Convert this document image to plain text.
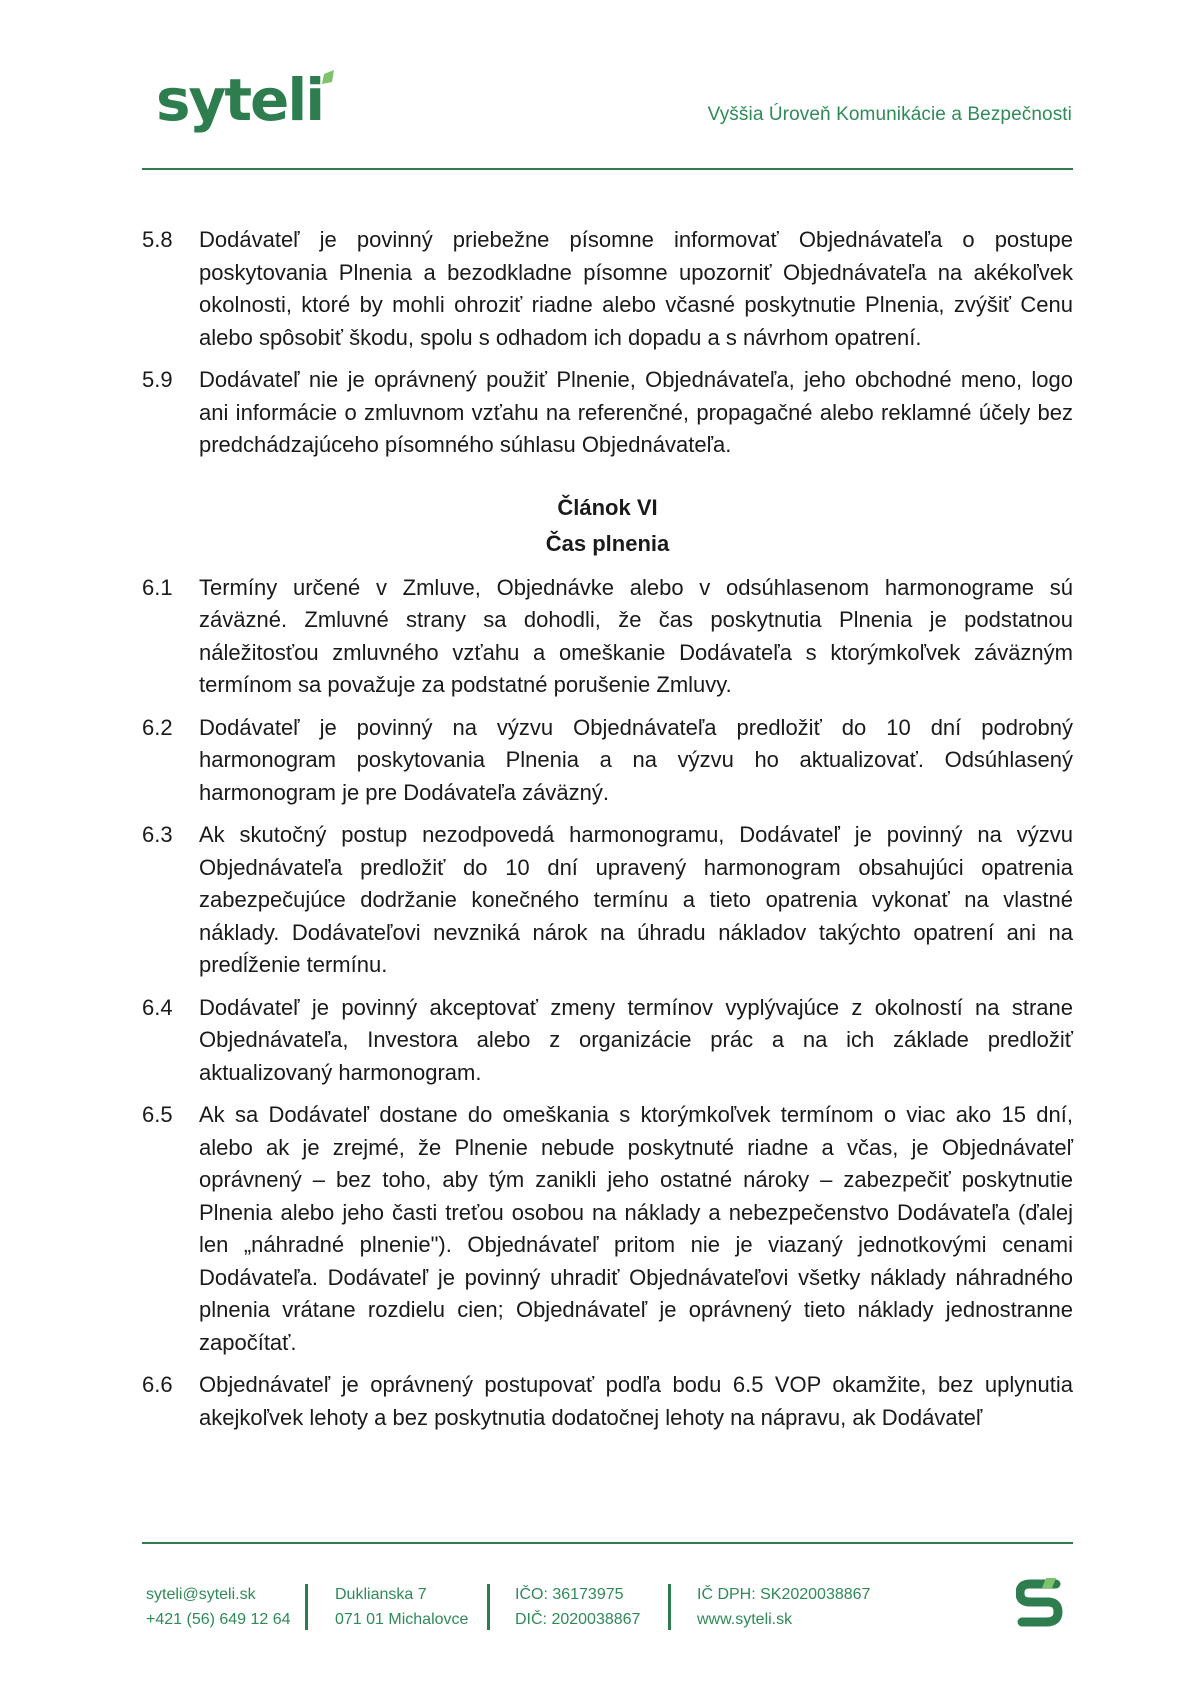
syteli	Vyššia Úroveň Komunikácie a Bezpečnosti

5.8 Dodávateľ je povinný priebežne písomne informovať Objednávateľa o postupe poskytovania Plnenia a bezodkladne písomne upozorniť Objednávateľa na akékoľvek okolnosti, ktoré by mohli ohroziť riadne alebo včasné poskytnutie Plnenia, zvýšiť Cenu alebo spôsobiť škodu, spolu s odhadom ich dopadu a s návrhom opatrení.

5.9 Dodávateľ nie je oprávnený použiť Plnenie, Objednávateľa, jeho obchodné meno, logo ani informácie o zmluvnom vzťahu na referenčné, propagačné alebo reklamné účely bez predchádzajúceho písomného súhlasu Objednávateľa.

Článok VI
Čas plnenia

6.1 Termíny určené v Zmluve, Objednávke alebo v odsúhlasenom harmonograme sú záväzné. Zmluvné strany sa dohodli, že čas poskytnutia Plnenia je podstatnou náležitosťou zmluvného vzťahu a omeškanie Dodávateľa s ktorýmkoľvek záväzným termínom sa považuje za podstatné porušenie Zmluvy.

6.2 Dodávateľ je povinný na výzvu Objednávateľa predložiť do 10 dní podrobný harmonogram poskytovania Plnenia a na výzvu ho aktualizovať. Odsúhlasený harmonogram je pre Dodávateľa záväzný.

6.3 Ak skutočný postup nezodpovedá harmonogramu, Dodávateľ je povinný na výzvu Objednávateľa predložiť do 10 dní upravený harmonogram obsahujúci opatrenia zabezpečujúce dodržanie konečného termínu a tieto opatrenia vykonať na vlastné náklady. Dodávateľovi nevzniká nárok na úhradu nákladov takýchto opatrení ani na predĺženie termínu.

6.4 Dodávateľ je povinný akceptovať zmeny termínov vyplývajúce z okolností na strane Objednávateľa, Investora alebo z organizácie prác a na ich základe predložiť aktualizovaný harmonogram.

6.5 Ak sa Dodávateľ dostane do omeškania s ktorýmkoľvek termínom o viac ako 15 dní, alebo ak je zrejmé, že Plnenie nebude poskytnuté riadne a včas, je Objednávateľ oprávnený – bez toho, aby tým zanikli jeho ostatné nároky – zabezpečiť poskytnutie Plnenia alebo jeho časti treťou osobou na náklady a nebezpečenstvo Dodávateľa (ďalej len „náhradné plnenie"). Objednávateľ pritom nie je viazaný jednotkovými cenami Dodávateľa. Dodávateľ je povinný uhradiť Objednávateľovi všetky náklady náhradného plnenia vrátane rozdielu cien; Objednávateľ je oprávnený tieto náklady jednostranne započítať.

6.6 Objednávateľ je oprávnený postupovať podľa bodu 6.5 VOP okamžite, bez uplynutia akejkoľvek lehoty a bez poskytnutia dodatočnej lehoty na nápravu, ak Dodávateľ

syteli@syteli.sk
+421 (56) 649 12 64
Duklianska 7
071 01 Michalovce
IČO: 36173975
DIČ: 2020038867
IČ DPH: SK2020038867
www.syteli.sk
